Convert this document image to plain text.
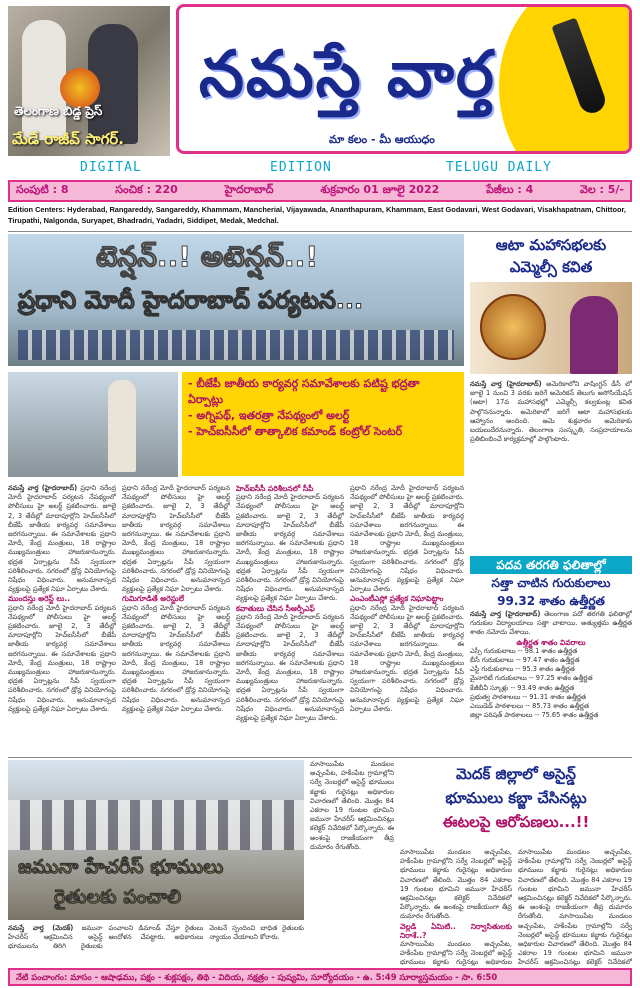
తెలంగాణ బిడ్డ ప్రెస్
మేడే రాజీవ్ సాగర్.
నమస్తే వార్త
మా కలం - మీ ఆయుధం
DIGITAL	EDITION	TELUGU DAILY
సంపుటి : 8	సంచిక : 220	హైదరాబాద్	శుక్రవారం 01 జూలై 2022	పేజీలు : 4	వెల : 5/-
Edition Centers: Hyderabad, Rangareddy, Sangareddy, Khammam, Mancherial, Vijayawada, Ananthapuram, Khammam, East Godavari, West Godavari, Visakhapatnam, Chittoor, Tirupathi, Nalgonda, Suryapet, Bhadradri, Yadadri, Siddipet, Medak, Medchal.
టెన్షన్..! అటెన్షన్..!
ప్రధాని మోదీ హైదరాబాద్ పర్యటన...
- బీజేపీ జాతీయ కార్యవర్గ సమావేశాలకు పటిష్ట భద్రతా ఏర్పాట్లు
- అగ్నిపథ్, ఇతరత్రా నేపథ్యంలో అలర్ట్
- హెచ్ఐసీసీలో తాత్కాలిక కమాండ్ కంట్రోల్ సెంటర్
నమస్తే వార్త (హైదరాబాద్) ప్రధాని నరేంద్ర మోదీ హైదరాబాద్ పర్యటన నేపథ్యంలో పోలీసులు హై అలర్ట్ ప్రకటించారు. జూలై 2, 3 తేదీల్లో మాదాపూర్లోని హెచ్ఐసీసీలో బీజేపీ జాతీయ కార్యవర్గ సమావేశాలు జరగనున్నాయి. ఈ సమావేశాలకు ప్రధాని మోదీ, కేంద్ర మంత్రులు, 18 రాష్ట్రాల ముఖ్యమంత్రులు హాజరుకానున్నారు. భద్రత ఏర్పాట్లను సీపీ స్వయంగా పరిశీలించారు. నగరంలో డ్రోన్ల వినియోగంపై నిషేధం విధించారు. అనుమానాస్పద వ్యక్తులపై ప్రత్యేక నిఘా ఏర్పాటు చేశారు.
ముందస్తు అరెస్ట్ లు..
ప్రధాని నరేంద్ర మోదీ హైదరాబాద్ పర్యటన నేపథ్యంలో పోలీసులు హై అలర్ట్ ప్రకటించారు. జూలై 2, 3 తేదీల్లో మాదాపూర్లోని హెచ్ఐసీసీలో బీజేపీ జాతీయ కార్యవర్గ సమావేశాలు జరగనున్నాయి. ఈ సమావేశాలకు ప్రధాని మోదీ, కేంద్ర మంత్రులు, 18 రాష్ట్రాల ముఖ్యమంత్రులు హాజరుకానున్నారు. భద్రత ఏర్పాట్లను సీపీ స్వయంగా పరిశీలించారు. నగరంలో డ్రోన్ల వినియోగంపై నిషేధం విధించారు. అనుమానాస్పద వ్యక్తులపై ప్రత్యేక నిఘా ఏర్పాటు చేశారు.
ప్రధాని నరేంద్ర మోదీ హైదరాబాద్ పర్యటన నేపథ్యంలో పోలీసులు హై అలర్ట్ ప్రకటించారు. జూలై 2, 3 తేదీల్లో మాదాపూర్లోని హెచ్ఐసీసీలో బీజేపీ జాతీయ కార్యవర్గ సమావేశాలు జరగనున్నాయి. ఈ సమావేశాలకు ప్రధాని మోదీ, కేంద్ర మంత్రులు, 18 రాష్ట్రాల ముఖ్యమంత్రులు హాజరుకానున్నారు. భద్రత ఏర్పాట్లను సీపీ స్వయంగా పరిశీలించారు. నగరంలో డ్రోన్ల వినియోగంపై నిషేధం విధించారు. అనుమానాస్పద వ్యక్తులపై ప్రత్యేక నిఘా ఏర్పాటు చేశారు.
గుమిగూడితే అరెస్టులే
ప్రధాని నరేంద్ర మోదీ హైదరాబాద్ పర్యటన నేపథ్యంలో పోలీసులు హై అలర్ట్ ప్రకటించారు. జూలై 2, 3 తేదీల్లో మాదాపూర్లోని హెచ్ఐసీసీలో బీజేపీ జాతీయ కార్యవర్గ సమావేశాలు జరగనున్నాయి. ఈ సమావేశాలకు ప్రధాని మోదీ, కేంద్ర మంత్రులు, 18 రాష్ట్రాల ముఖ్యమంత్రులు హాజరుకానున్నారు. భద్రత ఏర్పాట్లను సీపీ స్వయంగా పరిశీలించారు. నగరంలో డ్రోన్ల వినియోగంపై నిషేధం విధించారు. అనుమానాస్పద వ్యక్తులపై ప్రత్యేక నిఘా ఏర్పాటు చేశారు.
హెచ్ఐసీసీ పరిశీలనలో సీపీ
ప్రధాని నరేంద్ర మోదీ హైదరాబాద్ పర్యటన నేపథ్యంలో పోలీసులు హై అలర్ట్ ప్రకటించారు. జూలై 2, 3 తేదీల్లో మాదాపూర్లోని హెచ్ఐసీసీలో బీజేపీ జాతీయ కార్యవర్గ సమావేశాలు జరగనున్నాయి. ఈ సమావేశాలకు ప్రధాని మోదీ, కేంద్ర మంత్రులు, 18 రాష్ట్రాల ముఖ్యమంత్రులు హాజరుకానున్నారు. భద్రత ఏర్పాట్లను సీపీ స్వయంగా పరిశీలించారు. నగరంలో డ్రోన్ల వినియోగంపై నిషేధం విధించారు. అనుమానాస్పద వ్యక్తులపై ప్రత్యేక నిఘా ఏర్పాటు చేశారు.
కవాతులు చేసిన సీఆర్పీఎఫ్
ప్రధాని నరేంద్ర మోదీ హైదరాబాద్ పర్యటన నేపథ్యంలో పోలీసులు హై అలర్ట్ ప్రకటించారు. జూలై 2, 3 తేదీల్లో మాదాపూర్లోని హెచ్ఐసీసీలో బీజేపీ జాతీయ కార్యవర్గ సమావేశాలు జరగనున్నాయి. ఈ సమావేశాలకు ప్రధాని మోదీ, కేంద్ర మంత్రులు, 18 రాష్ట్రాల ముఖ్యమంత్రులు హాజరుకానున్నారు. భద్రత ఏర్పాట్లను సీపీ స్వయంగా పరిశీలించారు. నగరంలో డ్రోన్ల వినియోగంపై నిషేధం విధించారు. అనుమానాస్పద వ్యక్తులపై ప్రత్యేక నిఘా ఏర్పాటు చేశారు.
ప్రధాని నరేంద్ర మోదీ హైదరాబాద్ పర్యటన నేపథ్యంలో పోలీసులు హై అలర్ట్ ప్రకటించారు. జూలై 2, 3 తేదీల్లో మాదాపూర్లోని హెచ్ఐసీసీలో బీజేపీ జాతీయ కార్యవర్గ సమావేశాలు జరగనున్నాయి. ఈ సమావేశాలకు ప్రధాని మోదీ, కేంద్ర మంత్రులు, 18 రాష్ట్రాల ముఖ్యమంత్రులు హాజరుకానున్నారు. భద్రత ఏర్పాట్లను సీపీ స్వయంగా పరిశీలించారు. నగరంలో డ్రోన్ల వినియోగంపై నిషేధం విధించారు. అనుమానాస్పద వ్యక్తులపై ప్రత్యేక నిఘా ఏర్పాటు చేశారు.
ఎంఎంటీఎస్లో ప్రత్యేక నిఘాపెట్టాం
ప్రధాని నరేంద్ర మోదీ హైదరాబాద్ పర్యటన నేపథ్యంలో పోలీసులు హై అలర్ట్ ప్రకటించారు. జూలై 2, 3 తేదీల్లో మాదాపూర్లోని హెచ్ఐసీసీలో బీజేపీ జాతీయ కార్యవర్గ సమావేశాలు జరగనున్నాయి. ఈ సమావేశాలకు ప్రధాని మోదీ, కేంద్ర మంత్రులు, 18 రాష్ట్రాల ముఖ్యమంత్రులు హాజరుకానున్నారు. భద్రత ఏర్పాట్లను సీపీ స్వయంగా పరిశీలించారు. నగరంలో డ్రోన్ల వినియోగంపై నిషేధం విధించారు. అనుమానాస్పద వ్యక్తులపై ప్రత్యేక నిఘా ఏర్పాటు చేశారు.
ఆటా మహాసభలకు
ఎమ్మెల్సీ కవిత
నమస్తే వార్త (హైదరాబాద్) అమెరికాలోని వాషింగ్టన్ డీసీ లో జూలై 1 నుంచి 3 వరకు జరిగే అమెరికన్ తెలుగు అసోసియేషన్ (ఆటా) 17వ మహాసభల్లో ఎమ్మెల్సీ కల్వకుంట్ల కవిత పాల్గొననున్నారు. అమెరికాలో జరిగే ఆటా మహాసభలకు ఆహ్వానం అందింది. ఆమె శుక్రవారం అమెరికాకు బయలుదేరనున్నారు. తెలంగాణ సంస్కృతి, సంప్రదాయాలను ప్రతిబింబించే కార్యక్రమాల్లో పాల్గొంటారు.
పదవ తరగతి ఫలితాల్లో
సత్తా చాటిన గురుకులాలు
99.32 శాతం ఉత్తీర్ణత
నమస్తే వార్త (హైదరాబాద్) తెలంగాణ పదో తరగతి ఫలితాల్లో గురుకుల విద్యాలయాలు సత్తా చాటాయి. అత్యుత్తమ ఉత్తీర్ణత శాతం నమోదు చేశాయి.
ఉత్తీర్ణత శాతం వివరాలు
ఎస్సీ గురుకులాలు -- 98.1 శాతం ఉత్తీర్ణత
బీసీ గురుకులాలు -- 97.47 శాతం ఉత్తీర్ణత
ఎస్టీ గురుకులాలు -- 95.3 శాతం ఉత్తీర్ణత
మైనారిటీ గురుకులాలు -- 97.25 శాతం ఉత్తీర్ణత
కేజీబీవీ స్కూళ్లు -- 93.49 శాతం ఉత్తీర్ణత
ప్రభుత్వ పాఠశాలలు -- 91.31 శాతం ఉత్తీర్ణత
ఎయిడెడ్ పాఠశాలలు -- 85.73 శాతం ఉత్తీర్ణత
జిల్లా పరిషత్ పాఠశాలలు -- 75.65 శాతం ఉత్తీర్ణత
జమునా హేచరీస్ భూములు
రైతులకు పంచాలి
నమస్తే వార్త (మెదక్) జమునా హేచరీస్ ఆక్రమించిన అసైన్డ్ భూములను తిరిగి రైతులకు పంచాలని డిమాండ్ చేస్తూ రైతులు ఆందోళన చేపట్టారు. అధికారులు వెంటనే స్పందించి బాధిత రైతులకు న్యాయం చేయాలని కోరారు.
మాసాయిపేట మండలం అచ్చంపేట, హకీంపేట గ్రామాల్లోని సర్వే నెంబర్లలో అసైన్డ్ భూములు కబ్జాకు గురైనట్లు అధికారుల విచారణలో తేలింది. మొత్తం 84 ఎకరాల 19 గుంటల భూమిని జమునా హేచరీస్ ఆక్రమించినట్లు కలెక్టర్ నివేదికలో పేర్కొన్నారు. ఈ అంశంపై రాజకీయంగా తీవ్ర దుమారం రేగుతోంది.
మెదక్ జిల్లాలో అసైన్డ్
భూములు కబ్జా చేసినట్లు
ఈటలపై ఆరోపణలు...!!
మాసాయిపేట మండలం అచ్చంపేట, హకీంపేట గ్రామాల్లోని సర్వే నెంబర్లలో అసైన్డ్ భూములు కబ్జాకు గురైనట్లు అధికారుల విచారణలో తేలింది. మొత్తం 84 ఎకరాల 19 గుంటల భూమిని జమునా హేచరీస్ ఆక్రమించినట్లు కలెక్టర్ నివేదికలో పేర్కొన్నారు. ఈ అంశంపై రాజకీయంగా తీవ్ర దుమారం రేగుతోంది.
వెల్లడి ఏమిటి.. నిర్వాసితులకు నిరాశే..?
మాసాయిపేట మండలం అచ్చంపేట, హకీంపేట గ్రామాల్లోని సర్వే నెంబర్లలో అసైన్డ్ భూములు కబ్జాకు గురైనట్లు అధికారుల
మాసాయిపేట మండలం అచ్చంపేట, హకీంపేట గ్రామాల్లోని సర్వే నెంబర్లలో అసైన్డ్ భూములు కబ్జాకు గురైనట్లు అధికారుల విచారణలో తేలింది. మొత్తం 84 ఎకరాల 19 గుంటల భూమిని జమునా హేచరీస్ ఆక్రమించినట్లు కలెక్టర్ నివేదికలో పేర్కొన్నారు. ఈ అంశంపై రాజకీయంగా తీవ్ర దుమారం రేగుతోంది. మాసాయిపేట మండలం అచ్చంపేట, హకీంపేట గ్రామాల్లోని సర్వే నెంబర్లలో అసైన్డ్ భూములు కబ్జాకు గురైనట్లు అధికారుల విచారణలో తేలింది. మొత్తం 84 ఎకరాల 19 గుంటల భూమిని జమునా హేచరీస్ ఆక్రమించినట్లు కలెక్టర్ నివేదికలో
నేటి పంచాంగం: మాసం - ఆషాఢము, పక్షం - శుక్లపక్షం, తిథి - విదియ, నక్షత్రం - పుష్యమి, సూర్యోదయం - ఉ. 5:49 సూర్యాస్తమయం - సా. 6:50
